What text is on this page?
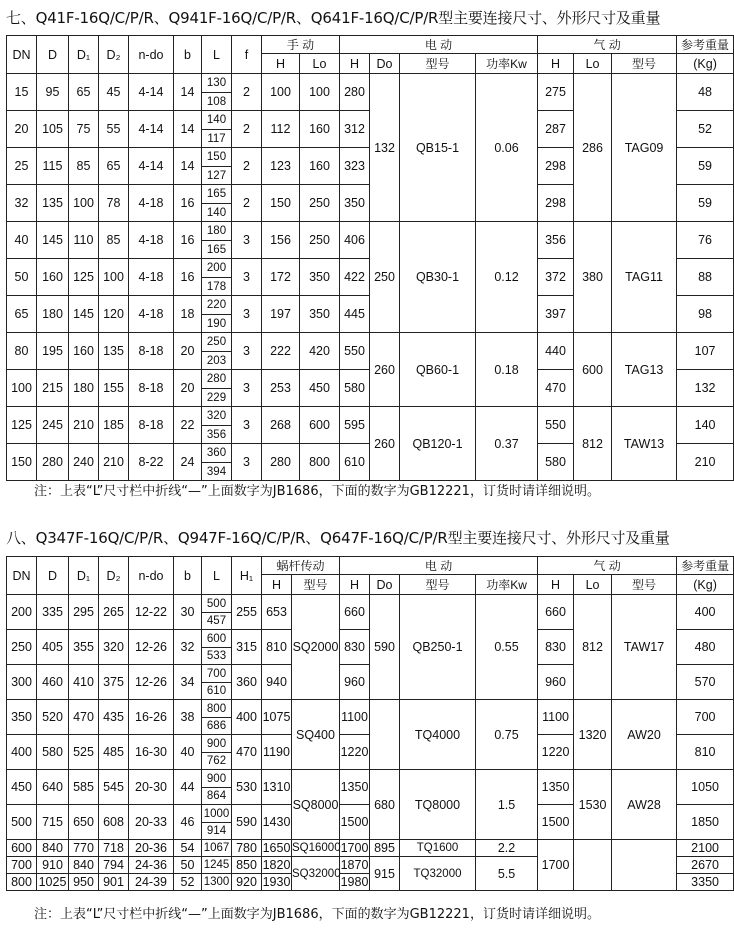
七、Q41F-16Q/C/P/R、Q941F-16Q/C/P/R、Q641F-16Q/C/P/R型主要连接尺寸、外形尺寸及重量
DN	D	D₁	D₂	n-do	b	L	f	手 动		电 动				气 动			参考重量
								H	Lo	H	Do	型号	功率Kw	H	Lo	型号	(Kg)
15	95	65	45	4-14	14	130	2	100	100	280	132	QB15-1	0.06	275	286	TAG09	48
						108											
20	105	75	55	4-14	14	140	2	112	160	312				287			52
						117											
25	115	85	65	4-14	14	150	2	123	160	323				298			59
						127											
32	135	100	78	4-18	16	165	2	150	250	350				298			59
						140											
40	145	110	85	4-18	16	180	3	156	250	406	250	QB30-1	0.12	356	380	TAG11	76
						165											
50	160	125	100	4-18	16	200	3	172	350	422				372			88
						178											
65	180	145	120	4-18	18	220	3	197	350	445				397			98
						190											
80	195	160	135	8-18	20	250	3	222	420	550	260	QB60-1	0.18	440	600	TAG13	107
						203											
100	215	180	155	8-18	20	280	3	253	450	580				470			132
						229											
125	245	210	185	8-18	22	320	3	268	600	595	260	QB120-1	0.37	550	812	TAW13	140
						356											
150	280	240	210	8-22	24	360	3	280	800	610				580			210
						394											
注：上表“L”尺寸栏中折线“—”上面数字为JB1686，下面的数字为GB12221，订货时请详细说明。
八、Q347F-16Q/C/P/R、Q947F-16Q/C/P/R、Q647F-16Q/C/P/R型主要连接尺寸、外形尺寸及重量
DN	D	D₁	D₂	n-do	b	L	H₁	蜗杆传动		电 动				气 动			参考重量
								H	型号	H	Do	型号	功率Kw	H	Lo	型号	(Kg)
200	335	295	265	12-22	30	500	255	653	SQ2000	660	590	QB250-1	0.55	660	812	TAW17	400
						457											
250	405	355	320	12-26	32	600	315	810		830				830			480
						533											
300	460	410	375	12-26	34	700	360	940		960				960			570
						610											
350	520	470	435	16-26	38	800	400	1075	SQ400	1100		TQ4000	0.75	1100	1320	AW20	700
						686											
400	580	525	485	16-30	40	900	470	1190		1220				1220			810
						762											
450	640	585	545	20-30	44	900	530	1310	SQ8000	1350	680	TQ8000	1.5	1350	1530	AW28	1050
						864											
500	715	650	608	20-33	46	1000	590	1430		1500				1500			1850
						914											
600	840	770	718	20-36	54	1067	780	1650	SQ16000	1700	895	TQ1600	2.2	1700			2100
700	910	840	794	24-36	50	1245	850	1820	SQ32000	1870	915	TQ32000	5.5				2670
800	1025	950	901	24-39	52	1300	920	1930		1980							3350
注：上表“L”尺寸栏中折线“—”上面数字为JB1686，下面的数字为GB12221，订货时请详细说明。
